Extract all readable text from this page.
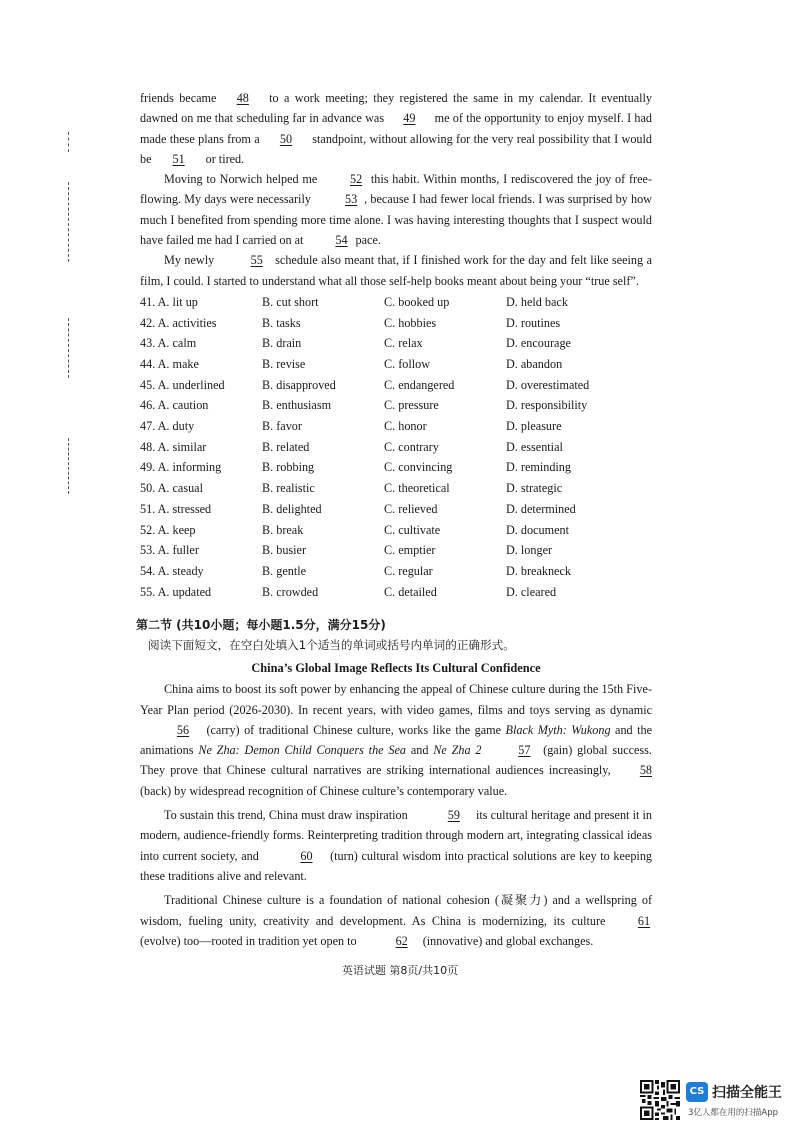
friends became 48 to a work meeting; they registered the same in my calendar. It eventually dawned on me that scheduling far in advance was 49 me of the opportunity to enjoy myself. I had made these plans from a 50 standpoint, without allowing for the very real possibility that I would be 51 or tired.

Moving to Norwich helped me 52 this habit. Within months, I rediscovered the joy of free-flowing. My days were necessarily	53 , because I had fewer local friends. I was surprised by how much I benefited from spending more time alone. I was having interesting thoughts that I suspect would have failed me had I carried on at 54 pace.

My newly	55 schedule also meant that, if I finished work for the day and felt like seeing a film, I could. I started to understand what all those self-help books meant about being your “true self”.

41. A. lit up	B. cut short	C. booked up	D. held back
42. A. activities	B. tasks	C. hobbies	D. routines
43. A. calm	B. drain	C. relax	D. encourage
44. A. make	B. revise	C. follow	D. abandon
45. A. underlined	B. disapproved	C. endangered	D. overestimated
46. A. caution	B. enthusiasm	C. pressure	D. responsibility
47. A. duty	B. favor	C. honor	D. pleasure
48. A. similar	B. related	C. contrary	D. essential
49. A. informing	B. robbing	C. convincing	D. reminding
50. A. casual	B. realistic	C. theoretical	D. strategic
51. A. stressed	B. delighted	C. relieved	D. determined
52. A. keep	B. break	C. cultivate	D. document
53. A. fuller	B. busier	C. emptier	D. longer
54. A. steady	B. gentle	C. regular	D. breakneck
55. A. updated	B. crowded	C. detailed	D. cleared
第二节 (共10小题；每小题1.5分，满分15分)
阅读下面短文，在空白处填入1个适当的单词或括号内单词的正确形式。
China’s Global Image Reflects Its Cultural Confidence

China aims to boost its soft power by enhancing the appeal of Chinese culture during the 15th Five-Year Plan period (2026-2030). In recent years, with video games, films and toys serving as dynamic 56 (carry) of traditional Chinese culture, works like the game Black Myth: Wukong and the animations Ne Zha: Demon Child Conquers the Sea and Ne Zha 2	57 (gain) global success. They prove that Chinese cultural narratives are striking international audiences increasingly, 58 (back) by widespread recognition of Chinese culture’s contemporary value.

To sustain this trend, China must draw inspiration	59 its cultural heritage and present it in modern, audience-friendly forms. Reinterpreting tradition through modern art, integrating classical ideas into current society, and	60 (turn) cultural wisdom into practical solutions are key to keeping these traditions alive and relevant.

Traditional Chinese culture is a foundation of national cohesion (凝聚力) and a wellspring of wisdom, fueling unity, creativity and development. As China is modernizing, its culture 61 (evolve) too—rooted in tradition yet open to	62 (innovative) and global exchanges.

英语试题 第8页/共10页
CS 扫描全能王
3亿人都在用的扫描App
